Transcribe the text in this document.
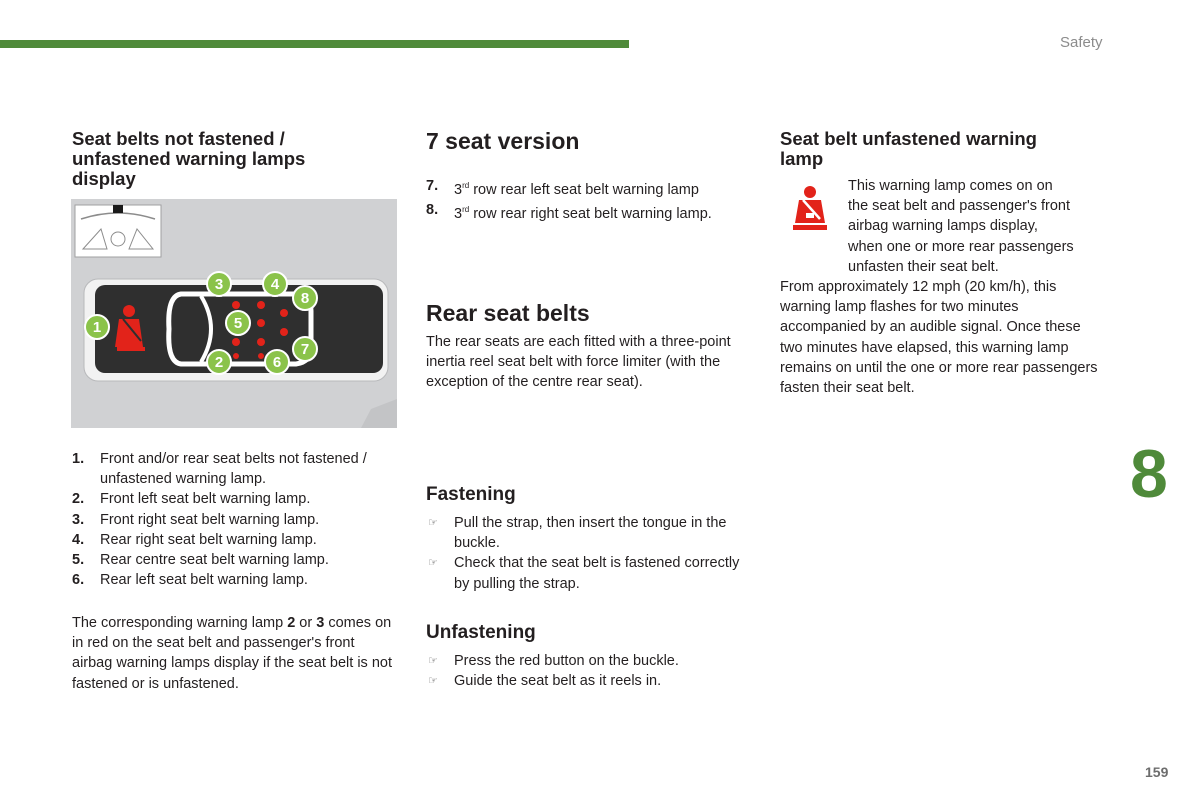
Safety
8
159
Seat belts not fastened / unfastened warning lamps display
1
2
3	4
5
6
7
8
1. Front and/or rear seat belts not fastened / unfastened warning lamp.
2. Front left seat belt warning lamp.
3. Front right seat belt warning lamp.
4. Rear right seat belt warning lamp.
5. Rear centre seat belt warning lamp.
6. Rear left seat belt warning lamp.

The corresponding warning lamp 2 or 3 comes on in red on the seat belt and passenger's front airbag warning lamps display if the seat belt is not fastened or is unfastened.

7 seat version
7. 3rd row rear left seat belt warning lamp
8. 3rd row rear right seat belt warning lamp.
Rear seat belts

The rear seats are each fitted with a three-point inertia reel seat belt with force limiter (with the exception of the centre rear seat).

Fastening
☞ Pull the strap, then insert the tongue in the buckle.
☞ Check that the seat belt is fastened correctly by pulling the strap.
Unfastening
☞ Press the red button on the buckle.
☞ Guide the seat belt as it reels in.
Seat belt unfastened warning lamp

This warning lamp comes on on

the seat belt and passenger's front

airbag warning lamps display,

when one or more rear passengers

unfasten their seat belt.

From approximately 12 mph (20 km/h), this warning lamp flashes for two minutes accompanied by an audible signal. Once these two minutes have elapsed, this warning lamp remains on until the one or more rear passengers fasten their seat belt.
